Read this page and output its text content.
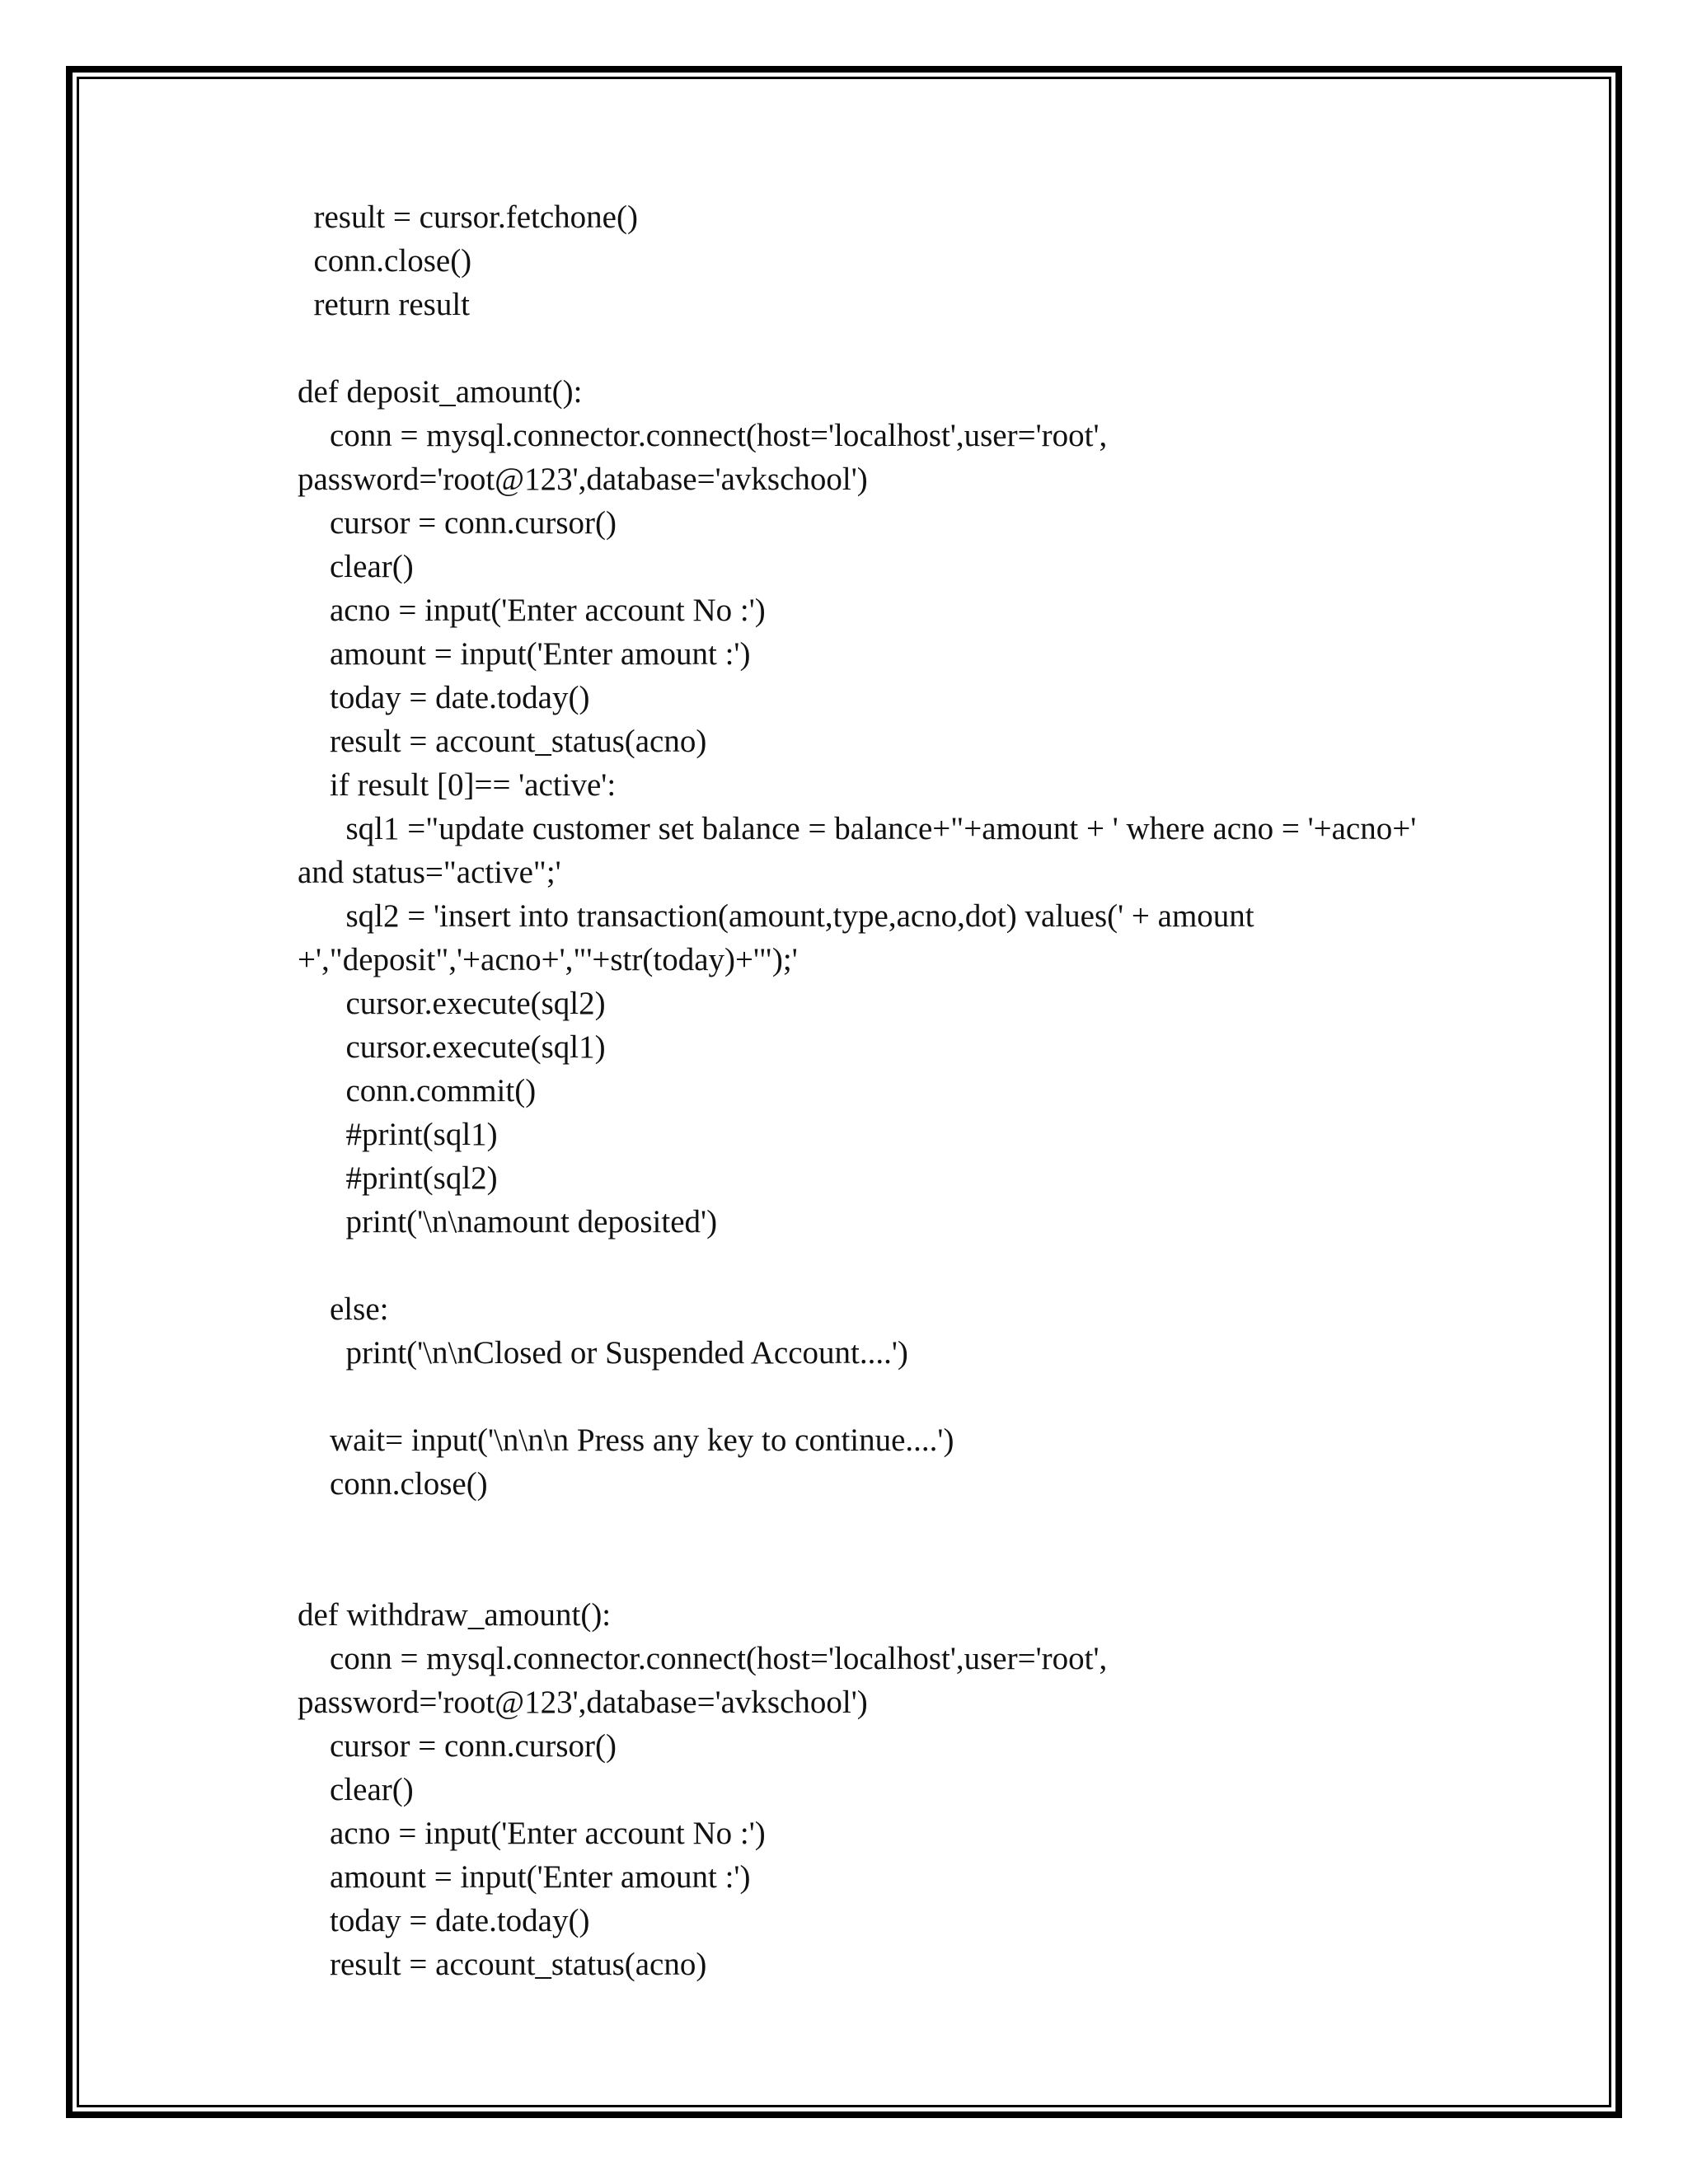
result = cursor.fetchone()
conn.close()
return result
def deposit_amount():
conn = mysql.connector.connect(host='localhost',user='root',
password='root@123',database='avkschool')
cursor = conn.cursor()
clear()
acno = input('Enter account No :')
amount = input('Enter amount :')
today = date.today()
result = account_status(acno)
if result [0]== 'active':
sql1 ="update customer set balance = balance+"+amount + ' where acno = '+acno+'
and status="active";'
sql2 = 'insert into transaction(amount,type,acno,dot) values(' + amount
+',"deposit",'+acno+',"'+str(today)+'");'
cursor.execute(sql2)
cursor.execute(sql1)
conn.commit()
#print(sql1)
#print(sql2)
print('\n\namount deposited')
else:
print('\n\nClosed or Suspended Account....')
wait= input('\n\n\n Press any key to continue....')
conn.close()
def withdraw_amount():
conn = mysql.connector.connect(host='localhost',user='root',
password='root@123',database='avkschool')
cursor = conn.cursor()
clear()
acno = input('Enter account No :')
amount = input('Enter amount :')
today = date.today()
result = account_status(acno)
